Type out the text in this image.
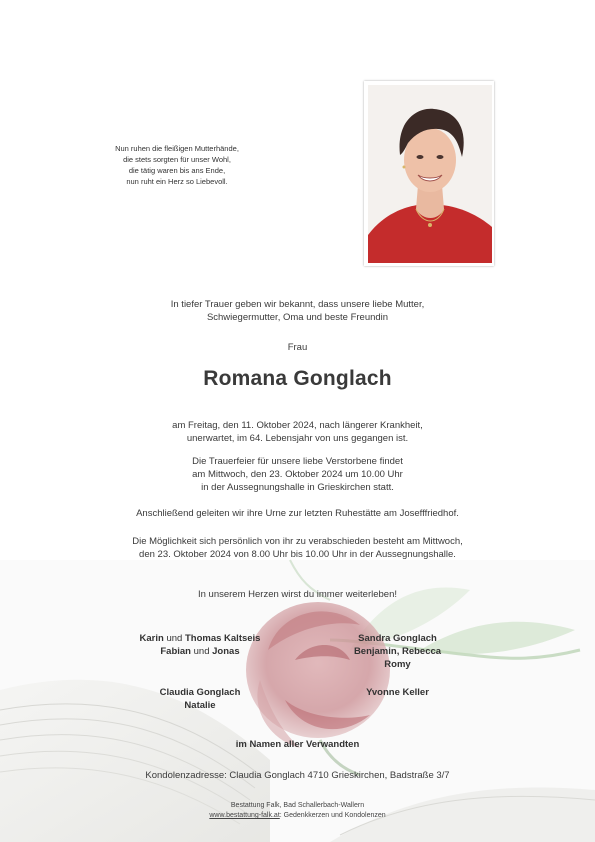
Nun ruhen die fleißigen Mutterhände,
die stets sorgten für unser Wohl,
die tätig waren bis ans Ende,
nun ruht ein Herz so Liebevoll.
In tiefer Trauer geben wir bekannt, dass unsere liebe Mutter,
Schwiegermutter, Oma und beste Freundin
Frau
Romana Gonglach
am Freitag, den 11. Oktober 2024, nach längerer Krankheit,
unerwartet, im 64. Lebensjahr von uns gegangen ist.
Die Trauerfeier für unsere liebe Verstorbene findet
am Mittwoch, den 23. Oktober 2024 um 10.00 Uhr
in der Aussegnungshalle in Grieskirchen statt.
Anschließend geleiten wir ihre Urne zur letzten Ruhestätte am Josefffriedhof.
Die Möglichkeit sich persönlich von ihr zu verabschieden besteht am Mittwoch,
den 23. Oktober 2024 von 8.00 Uhr bis 10.00 Uhr in der Aussegnungshalle.
In unserem Herzen wirst du immer weiterleben!
Karin und Thomas Kaltseis
Fabian und Jonas
Sandra Gonglach
Benjamin, Rebecca
Romy
Claudia Gonglach
Natalie
Yvonne Keller
im Namen aller Verwandten
Kondolenzadresse: Claudia Gonglach 4710 Grieskirchen, Badstraße 3/7
Bestattung Falk, Bad Schallerbach-Wallern
www.bestattung-falk.at: Gedenkkerzen und Kondolenzen
